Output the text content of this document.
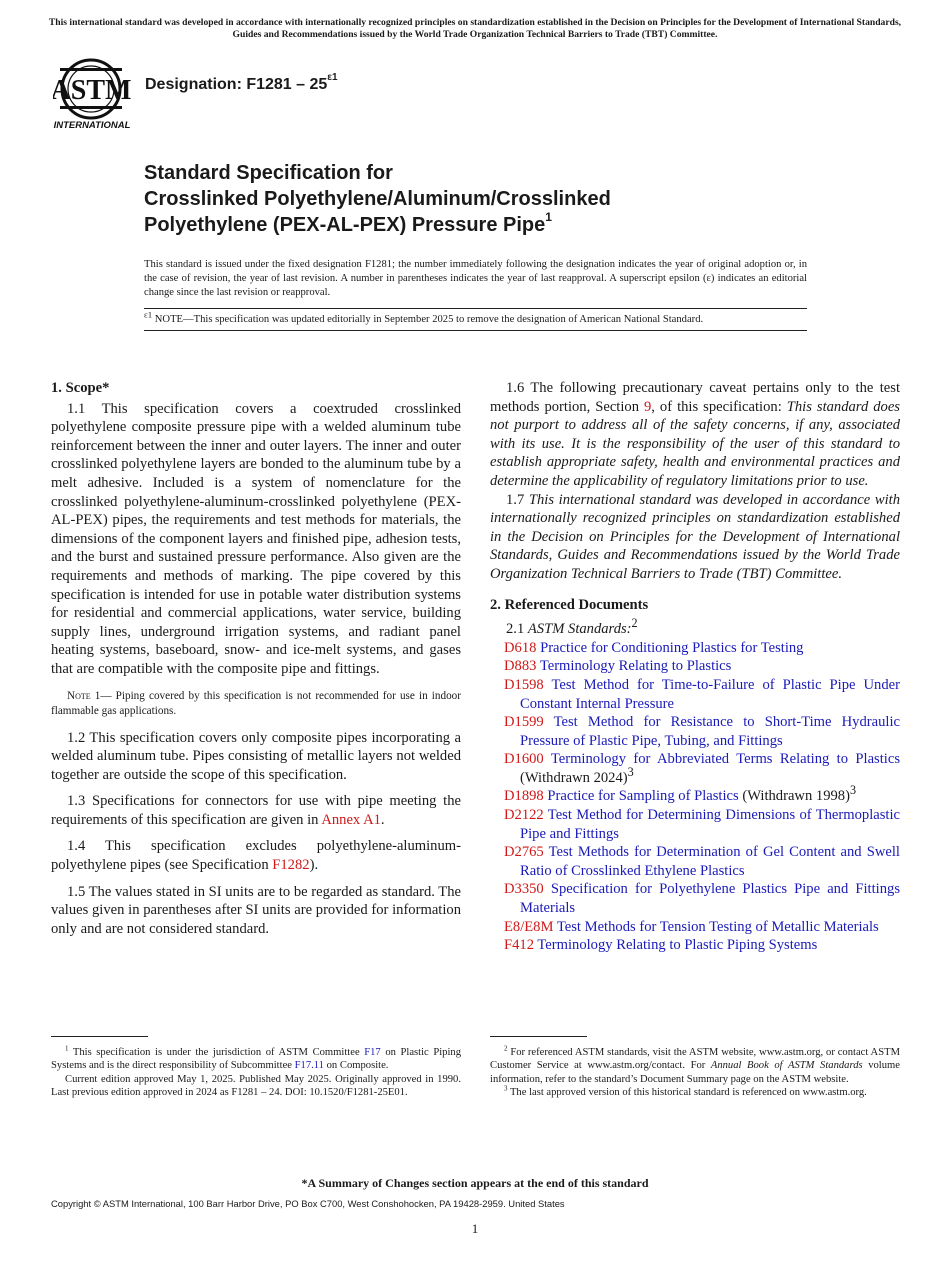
This international standard was developed in accordance with internationally recognized principles on standardization established in the Decision on Principles for the Development of International Standards, Guides and Recommendations issued by the World Trade Organization Technical Barriers to Trade (TBT) Committee.
ASTM
INTERNATIONAL
Designation: $F1281 - 25^{\varepsilon 1}$
Standard Specification for
Crosslinked Polyethylene/Aluminum/Crosslinked
Polyethylene (PEX-AL-PEX) Pressure Pipe$^1$
This standard is issued under the fixed designation F1281; the number immediately following the designation indicates the year of original adoption or, in the case of revision, the year of last revision. A number in parentheses indicates the year of last reapproval. A superscript epsilon (ε) indicates an editorial change since the last revision or reapproval.
$^{\varepsilon 1}$ NOTE—This specification was updated editorially in September 2025 to remove the designation of American National Standard.
1. Scope*

1.1 This specification covers a coextruded crosslinked polyethylene composite pressure pipe with a welded aluminum tube reinforcement between the inner and outer layers. The inner and outer crosslinked polyethylene layers are bonded to the aluminum tube by a melt adhesive. Included is a system of nomenclature for the crosslinked polyethylene-aluminum-crosslinked polyethylene (PEX-AL-PEX) pipes, the requirements and test methods for materials, the dimensions of the component layers and finished pipe, adhesion tests, and the burst and sustained pressure performance. Also given are the requirements and methods of marking. The pipe covered by this specification is intended for use in potable water distribution systems for residential and commercial applications, water service, building supply lines, underground irrigation systems, and radiant panel heating systems, baseboard, snow- and ice-melt systems, and gases that are compatible with the composite pipe and fittings.

Note 1— Piping covered by this specification is not recommended for use in indoor flammable gas applications.

1.2 This specification covers only composite pipes incorporating a welded aluminum tube. Pipes consisting of metallic layers not welded together are outside the scope of this specification.

1.3 Specifications for connectors for use with pipe meeting the requirements of this specification are given in Annex A1.

1.4 This specification excludes polyethylene-aluminum-polyethylene pipes (see Specification F1282).

1.5 The values stated in SI units are to be regarded as standard. The values given in parentheses after SI units are provided for information only and are not considered standard.

1.6 The following precautionary caveat pertains only to the test methods portion, Section 9, of this specification: This standard does not purport to address all of the safety concerns, if any, associated with its use. It is the responsibility of the user of this standard to establish appropriate safety, health and environmental practices and determine the applicability of regulatory limitations prior to use.

1.7 This international standard was developed in accordance with internationally recognized principles on standardization established in the Decision on Principles for the Development of International Standards, Guides and Recommendations issued by the World Trade Organization Technical Barriers to Trade (TBT) Committee.

2. Referenced Documents

2.1 ASTM Standards:$^2$

D618 Practice for Conditioning Plastics for Testing
D883 Terminology Relating to Plastics
D1598 Test Method for Time-to-Failure of Plastic Pipe Under Constant Internal Pressure
D1599 Test Method for Resistance to Short-Time Hydraulic Pressure of Plastic Pipe, Tubing, and Fittings
D1600 Terminology for Abbreviated Terms Relating to Plastics (Withdrawn 2024)$^3$
D1898 Practice for Sampling of Plastics (Withdrawn 1998)$^3$
D2122 Test Method for Determining Dimensions of Thermoplastic Pipe and Fittings
D2765 Test Methods for Determination of Gel Content and Swell Ratio of Crosslinked Ethylene Plastics
D3350 Specification for Polyethylene Plastics Pipe and Fittings Materials
E8/E8M Test Methods for Tension Testing of Metallic Materials
F412 Terminology Relating to Plastic Piping Systems

$^1$ This specification is under the jurisdiction of ASTM Committee F17 on Plastic Piping Systems and is the direct responsibility of Subcommittee F17.11 on Composite.

Current edition approved May 1, 2025. Published May 2025. Originally approved in 1990. Last previous edition approved in 2024 as F1281 – 24. DOI: 10.1520/F1281-25E01.

$^2$ For referenced ASTM standards, visit the ASTM website, www.astm.org, or contact ASTM Customer Service at www.astm.org/contact. For Annual Book of ASTM Standards volume information, refer to the standard’s Document Summary page on the ASTM website.

$^3$ The last approved version of this historical standard is referenced on www.astm.org.

*A Summary of Changes section appears at the end of this standard
Copyright © ASTM International, 100 Barr Harbor Drive, PO Box C700, West Conshohocken, PA 19428-2959. United States
1
